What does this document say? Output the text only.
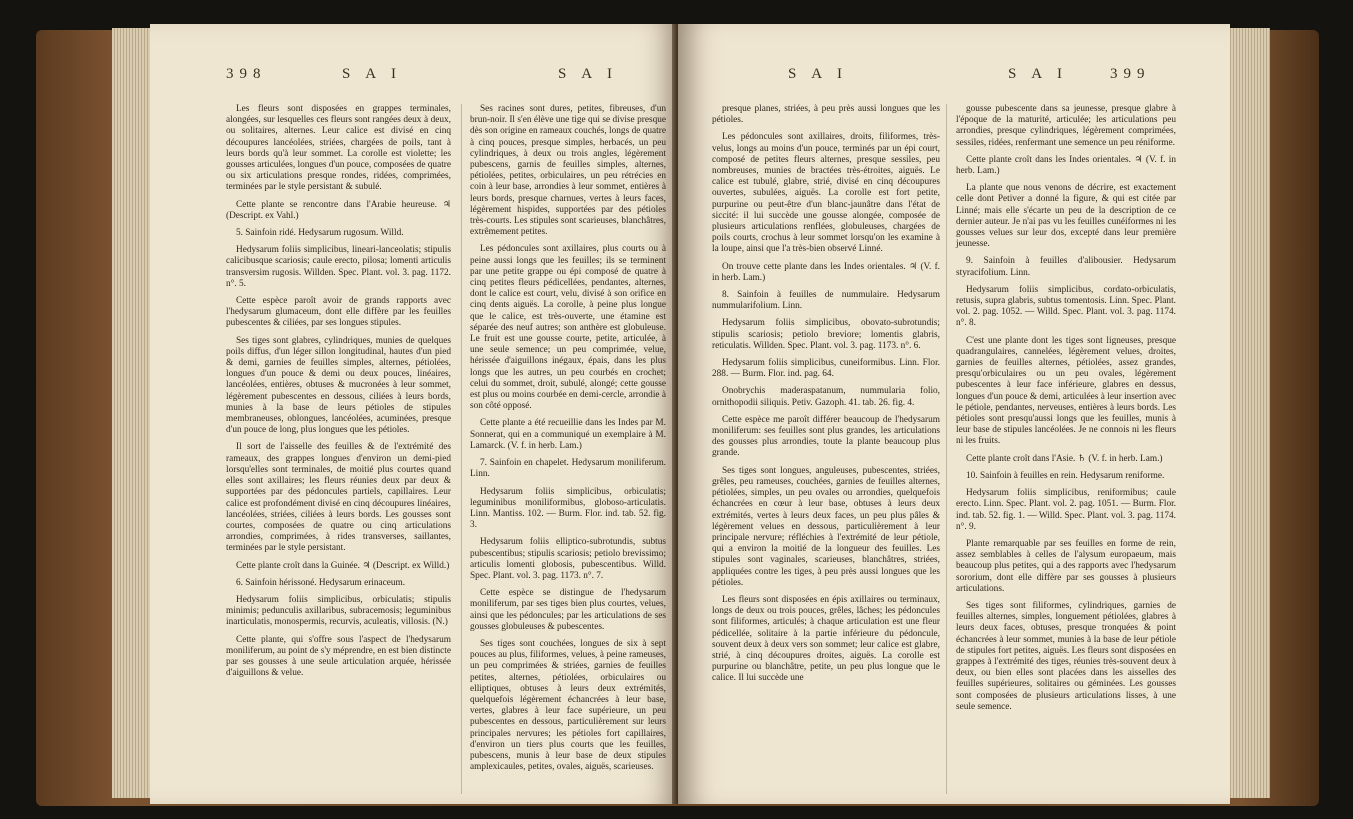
398	S A I	S A I

Les fleurs sont disposées en grappes terminales, alongées, sur lesquelles ces fleurs sont rangées deux à deux, ou solitaires, alternes. Leur calice est divisé en cinq découpures lancéolées, striées, chargées de poils, tant à leurs bords qu'à leur sommet. La corolle est violette; les gousses articulées, longues d'un pouce, composées de quatre ou six articulations presque rondes, ridées, comprimées, terminées par le style persistant & subulé.

Cette plante se rencontre dans l'Arabie heureuse. ♃ (Descript. ex Vahl.)

5. Sainfoin ridé. Hedysarum rugosum. Willd.

Hedysarum foliis simplicibus, lineari-lanceolatis; stipulis calicibusque scariosis; caule erecto, pilosa; lomenti articulis transversim rugosis. Willden. Spec. Plant. vol. 3. pag. 1172. n°. 5.

Cette espèce paroît avoir de grands rapports avec l'hedysarum glumaceum, dont elle diffère par les feuilles pubescentes & ciliées, par ses longues stipules.

Ses tiges sont glabres, cylindriques, munies de quelques poils diffus, d'un léger sillon longitudinal, hautes d'un pied & demi, garnies de feuilles simples, alternes, pétiolées, longues d'un pouce & demi ou deux pouces, linéaires, lancéolées, entières, obtuses & mucronées à leur sommet, légèrement pubescentes en dessous, ciliées à leurs bords, munies à la base de leurs pétioles de stipules membraneuses, oblongues, lancéolées, acuminées, presque d'un pouce de long, plus longues que les pétioles.

Il sort de l'aisselle des feuilles & de l'extrémité des rameaux, des grappes longues d'environ un demi-pied lorsqu'elles sont terminales, de moitié plus courtes quand elles sont axillaires; les fleurs réunies deux par deux & supportées par des pédoncules partiels, capillaires. Leur calice est profondément divisé en cinq découpures linéaires, lancéolées, striées, ciliées à leurs bords. Les gousses sont courtes, composées de quatre ou cinq articulations arrondies, comprimées, à rides transverses, saillantes, terminées par le style persistant.

Cette plante croît dans la Guinée. ♃ (Descript. ex Willd.)

6. Sainfoin hérissoné. Hedysarum erinaceum.

Hedysarum foliis simplicibus, orbiculatis; stipulis minimis; pedunculis axillaribus, subracemosis; leguminibus inarticulatis, monospermis, recurvis, aculeatis, villosis. (N.)

Cette plante, qui s'offre sous l'aspect de l'hedysarum moniliferum, au point de s'y méprendre, en est bien distincte par ses gousses à une seule articulation arquée, hérissée d'aiguillons & velue.

Ses racines sont dures, petites, fibreuses, d'un brun-noir. Il s'en élève une tige qui se divise presque dès son origine en rameaux couchés, longs de quatre à cinq pouces, presque simples, herbacés, un peu cylindriques, à deux ou trois angles, légèrement pubescens, garnis de feuilles simples, alternes, pétiolées, petites, orbiculaires, un peu rétrécies en coin à leur base, arrondies à leur sommet, entières à leurs bords, presque charnues, vertes à leurs faces, légèrement hispides, supportées par des pétioles très-courts. Les stipules sont scarieuses, blanchâtres, extrêmement petites.

Les pédoncules sont axillaires, plus courts ou à peine aussi longs que les feuilles; ils se terminent par une petite grappe ou épi composé de quatre à cinq petites fleurs pédicellées, pendantes, alternes, dont le calice est court, velu, divisé à son orifice en cinq dents aiguës. La corolle, à peine plus longue que le calice, est très-ouverte, une étamine est séparée des neuf autres; son anthère est globuleuse. Le fruit est une gousse courte, petite, articulée, à une seule semence; un peu comprimée, velue, hérissée d'aiguillons inégaux, épais, dans les plus longs que les autres, un peu courbés en crochet; celui du sommet, droit, subulé, alongé; cette gousse est plus ou moins courbée en demi-cercle, arrondie à son côté opposé.

Cette plante a été recueillie dans les Indes par M. Sonnerat, qui en a communiqué un exemplaire à M. Lamarck. (V. f. in herb. Lam.)

7. Sainfoin en chapelet. Hedysarum moniliferum. Linn.

Hedysarum foliis simplicibus, orbiculatis; leguminibus moniliformibus, globoso-articulatis. Linn. Mantiss. 102. — Burm. Flor. ind. tab. 52. fig. 3.

Hedysarum foliis elliptico-subrotundis, subtus pubescentibus; stipulis scariosis; petiolo brevissimo; articulis lomenti globosis, pubescentibus. Willd. Spec. Plant. vol. 3. pag. 1173. n°. 7.

Cette espèce se distingue de l'hedysarum moniliferum, par ses tiges bien plus courtes, velues, ainsi que les pédoncules; par les articulations de ses gousses globuleuses & pubescentes.

Ses tiges sont couchées, longues de six à sept pouces au plus, filiformes, velues, à peine rameuses, un peu comprimées & striées, garnies de feuilles petites, alternes, pétiolées, orbiculaires ou elliptiques, obtuses à leurs deux extrémités, quelquefois légèrement échancrées à leur base, vertes, glabres à leur face supérieure, un peu pubescentes en dessous, particulièrement sur leurs principales nervures; les pétioles fort capillaires, d'environ un tiers plus courts que les feuilles, pubescens, munis à leur base de deux stipules amplexicaules, petites, ovales, aiguës, scarieuses.

S A I	S A I	399

presque planes, striées, à peu près aussi longues que les pétioles.

Les pédoncules sont axillaires, droits, filiformes, très-velus, longs au moins d'un pouce, terminés par un épi court, composé de petites fleurs alternes, presque sessiles, peu nombreuses, munies de bractées très-étroites, aiguës. Le calice est tubulé, glabre, strié, divisé en cinq découpures ouvertes, subulées, aiguës. La corolle est fort petite, purpurine ou peut-être d'un blanc-jaunâtre dans l'état de siccité: il lui succède une gousse alongée, composée de plusieurs articulations renflées, globuleuses, chargées de poils courts, crochus à leur sommet lorsqu'on les examine à la loupe, ainsi que l'a très-bien observé Linné.

On trouve cette plante dans les Indes orientales. ♃ (V. f. in herb. Lam.)

8. Sainfoin à feuilles de nummulaire. Hedysarum nummularifolium. Linn.

Hedysarum foliis simplicibus, obovato-subrotundis; stipulis scariosis; petiolo breviore; lomentis glabris, reticulatis. Willden. Spec. Plant. vol. 3. pag. 1173. n°. 6.

Hedysarum foliis simplicibus, cuneiformibus. Linn. Flor. 288. — Burm. Flor. ind. pag. 64.

Onobrychis maderaspatanum, nummularia folio, ornithopodii siliquis. Petiv. Gazoph. 41. tab. 26. fig. 4.

Cette espèce me paroît différer beaucoup de l'hedysarum moniliferum: ses feuilles sont plus grandes, les articulations des gousses plus arrondies, toute la plante beaucoup plus grande.

Ses tiges sont longues, anguleuses, pubescentes, striées, grêles, peu rameuses, couchées, garnies de feuilles alternes, pétiolées, simples, un peu ovales ou arrondies, quelquefois échancrées en cœur à leur base, obtuses à leurs deux extrémités, vertes à leurs deux faces, un peu plus pâles & légèrement velues en dessous, particulièrement à leur principale nervure; réfléchies à l'extrémité de leur pétiole, qui a environ la moitié de la longueur des feuilles. Les stipules sont vaginales, scarieuses, blanchâtres, striées, appliquées contre les tiges, à peu près aussi longues que les pétioles.

Les fleurs sont disposées en épis axillaires ou terminaux, longs de deux ou trois pouces, grêles, lâches; les pédoncules sont filiformes, articulés; à chaque articulation est une fleur pédicellée, solitaire à la partie inférieure du pédoncule, souvent deux à deux vers son sommet; leur calice est glabre, strié, à cinq découpures droites, aiguës. La corolle est purpurine ou blanchâtre, petite, un peu plus longue que le calice. Il lui succède une

gousse pubescente dans sa jeunesse, presque glabre à l'époque de la maturité, articulée; les articulations peu arrondies, presque cylindriques, légèrement comprimées, sessiles, ridées, renfermant une semence un peu réniforme.

Cette plante croît dans les Indes orientales. ♃ (V. f. in herb. Lam.)

La plante que nous venons de décrire, est exactement celle dont Petiver a donné la figure, & qui est citée par Linné; mais elle s'écarte un peu de la description de ce dernier auteur. Je n'ai pas vu les feuilles cunéiformes ni les gousses velues sur leur dos, excepté dans leur première jeunesse.

9. Sainfoin à feuilles d'alibousier. Hedysarum styracifolium. Linn.

Hedysarum foliis simplicibus, cordato-orbiculatis, retusis, supra glabris, subtus tomentosis. Linn. Spec. Plant. vol. 2. pag. 1052. — Willd. Spec. Plant. vol. 3. pag. 1174. n°. 8.

C'est une plante dont les tiges sont ligneuses, presque quadrangulaires, cannelées, légèrement velues, droites, garnies de feuilles alternes, pétiolées, assez grandes, presqu'orbiculaires ou un peu ovales, légèrement pubescentes à leur face inférieure, glabres en dessus, longues d'un pouce & demi, articulées à leur insertion avec le pétiole, pendantes, nerveuses, entières à leurs bords. Les pétioles sont presqu'aussi longs que les feuilles, munis à leur base de stipules lancéolées. Je ne connois ni les fleurs ni les fruits.

Cette plante croît dans l'Asie. ♄ (V. f. in herb. Lam.)

10. Sainfoin à feuilles en rein. Hedysarum reniforme.

Hedysarum foliis simplicibus, reniformibus; caule erecto. Linn. Spec. Plant. vol. 2. pag. 1051. — Burm. Flor. ind. tab. 52. fig. 1. — Willd. Spec. Plant. vol. 3. pag. 1174. n°. 9.

Plante remarquable par ses feuilles en forme de rein, assez semblables à celles de l'alysum europaeum, mais beaucoup plus petites, qui a des rapports avec l'hedysarum sororium, dont elle diffère par ses gousses à plusieurs articulations.

Ses tiges sont filiformes, cylindriques, garnies de feuilles alternes, simples, longuement pétiolées, glabres à leurs deux faces, obtuses, presque tronquées & point échancrées à leur sommet, munies à la base de leur pétiole de stipules fort petites, aiguës. Les fleurs sont disposées en grappes à l'extrémité des tiges, réunies très-souvent deux à deux, ou bien elles sont placées dans les aisselles des feuilles supérieures, solitaires ou géminées. Les gousses sont composées de plusieurs articulations lisses, à une seule semence.
